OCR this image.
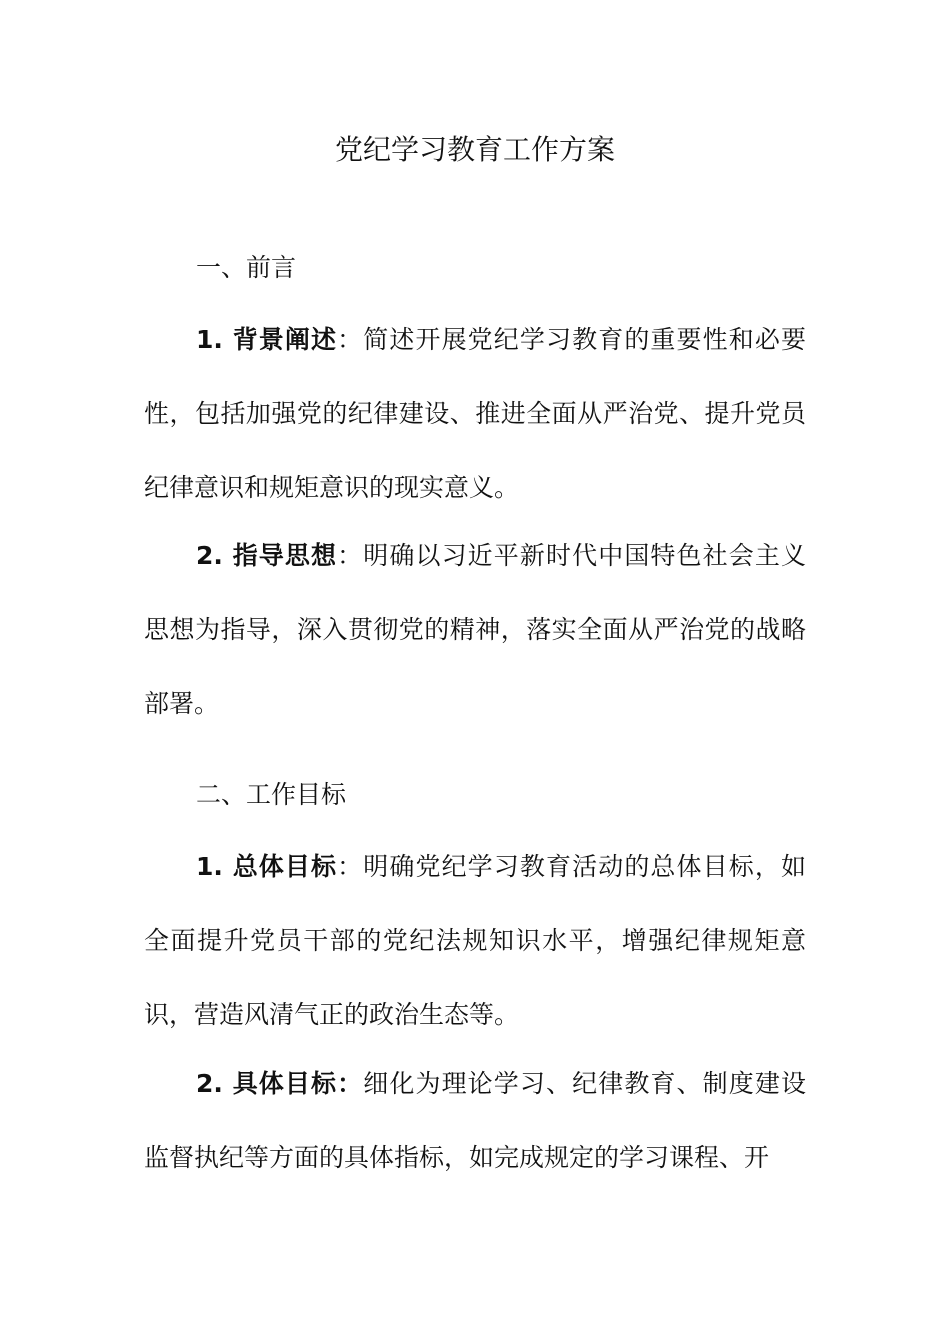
党纪学习教育工作方案
一、前言

1. 背景阐述：简述开展党纪学习教育的重要性和必要性，包括加强党的纪律建设、推进全面从严治党、提升党员纪律意识和规矩意识的现实意义。

2. 指导思想：明确以习近平新时代中国特色社会主义思想为指导，深入贯彻党的精神，落实全面从严治党的战略部署。

二、工作目标

1. 总体目标：明确党纪学习教育活动的总体目标，如全面提升党员干部的党纪法规知识水平，增强纪律规矩意识，营造风清气正的政治生态等。

2. 具体目标：细化为理论学习、纪律教育、制度建设监督执纪等方面的具体指标，如完成规定的学习课程、开
